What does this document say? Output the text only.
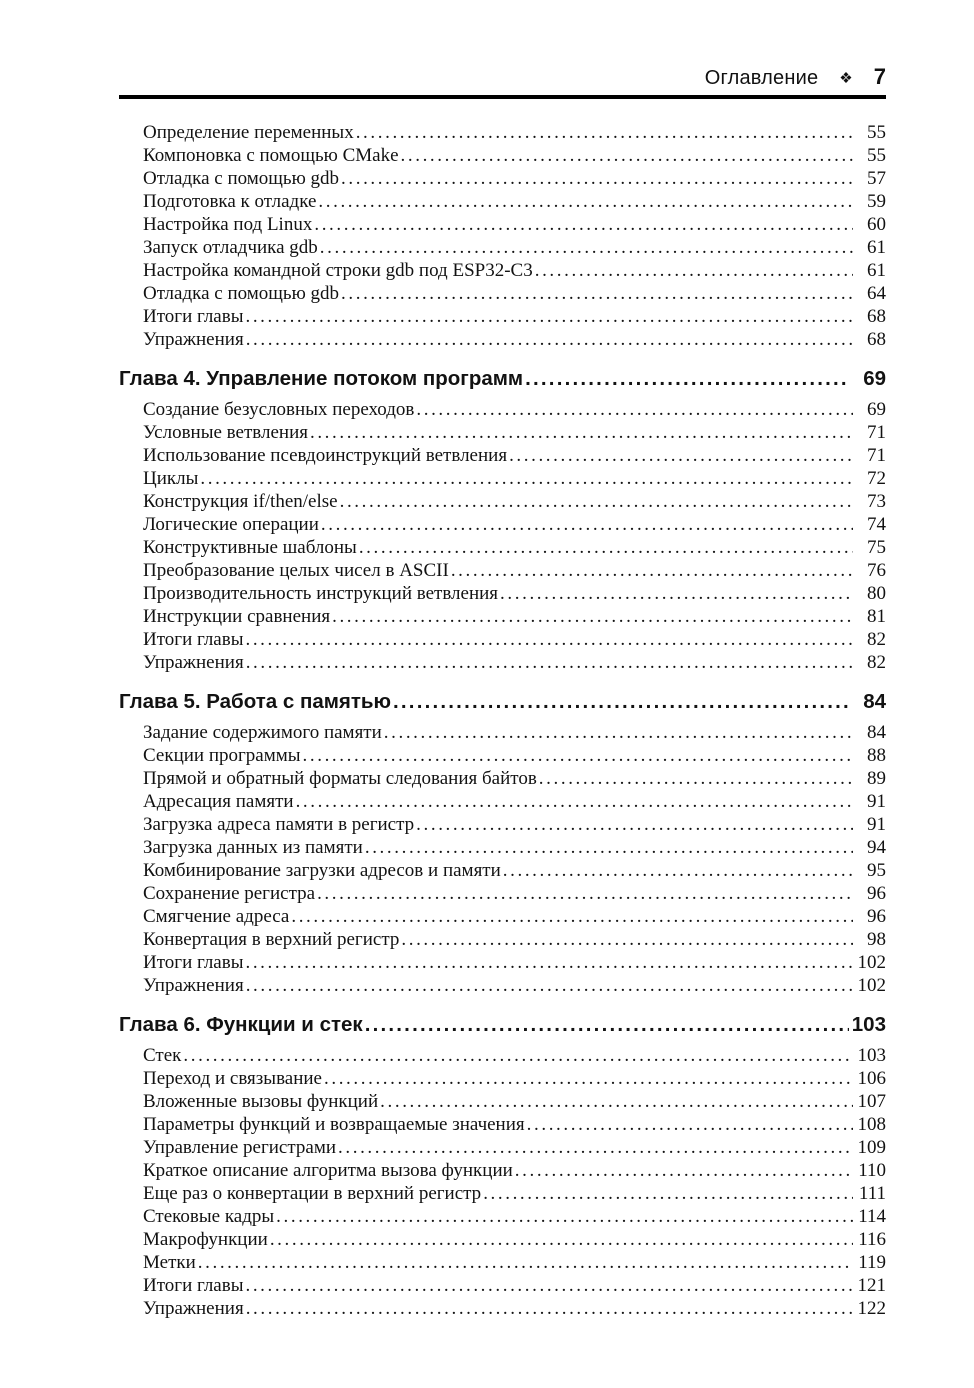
Оглавление ❖ 7
Определение переменных .....	55
Компоновка с помощью CMake .....	55
Отладка с помощью gdb .....	57
Подготовка к отладке .....	59
Настройка под Linux .....	60
Запуск отладчика gdb .....	61
Настройка командной строки gdb под ESP32-C3 .....	61
Отладка с помощью gdb .....	64
Итоги главы .....	68
Упражнения .....	68
Глава 4. Управление потоком программ .....	69
Создание безусловных переходов .....	69
Условные ветвления .....	71
Использование псевдоинструкций ветвления .....	71
Циклы .....	72
Конструкция if/then/else .....	73
Логические операции .....	74
Конструктивные шаблоны .....	75
Преобразование целых чисел в ASCII .....	76
Производительность инструкций ветвления .....	80
Инструкции сравнения .....	81
Итоги главы .....	82
Упражнения .....	82
Глава 5. Работа с памятью .....	84
Задание содержимого памяти .....	84
Секции программы .....	88
Прямой и обратный форматы следования байтов .....	89
Адресация памяти .....	91
Загрузка адреса памяти в регистр .....	91
Загрузка данных из памяти .....	94
Комбинирование загрузки адресов и памяти .....	95
Сохранение регистра .....	96
Смягчение адреса .....	96
Конвертация в верхний регистр .....	98
Итоги главы .....	102
Упражнения .....	102
Глава 6. Функции и стек .....	103
Стек .....	103
Переход и связывание .....	106
Вложенные вызовы функций .....	107
Параметры функций и возвращаемые значения .....	108
Управление регистрами .....	109
Краткое описание алгоритма вызова функции .....	110
Еще раз о конвертации в верхний регистр .....	111
Стековые кадры .....	114
Макрофункции .....	116
Метки .....	119
Итоги главы .....	121
Упражнения .....	122
